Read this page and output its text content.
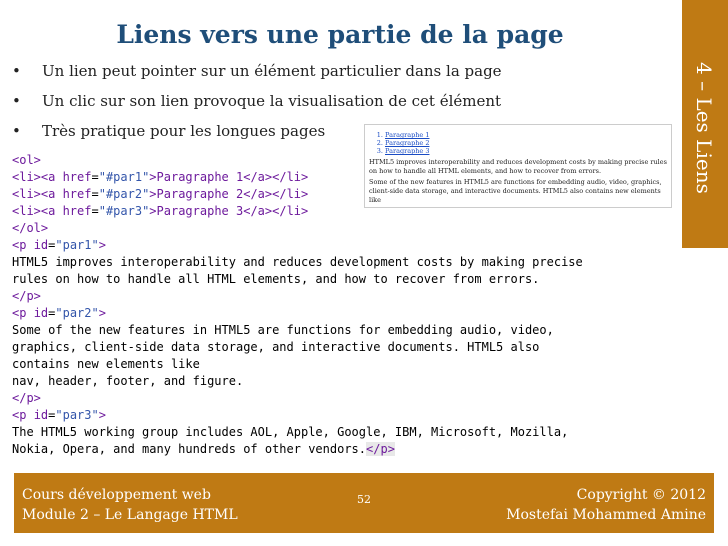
4 – Les Liens
Liens vers une partie de la page
•	Un lien peut pointer sur un élément particulier dans la page
•	Un clic sur son lien provoque la visualisation de cet élément
•	Très pratique pour les longues pages	1. Paragraphe 1
2. Paragraphe 2
3. Paragraphe 3

HTML5 improves interoperability and reduces development costs by making precise rules on how to handle all HTML elements, and how to recover from errors.

Some of the new features in HTML5 are functions for embedding audio, video, graphics, client-side data storage, and interactive documents. HTML5 also contains new elements like

<ol>
<li><a href="#par1">Paragraphe 1</a></li>
<li><a href="#par2">Paragraphe 2</a></li>
<li><a href="#par3">Paragraphe 3</a></li>
</ol>
<p id="par1">
HTML5 improves interoperability and reduces development costs by making precise
rules on how to handle all HTML elements, and how to recover from errors.
</p>
<p id="par2">
Some of the new features in HTML5 are functions for embedding audio, video,
graphics, client-side data storage, and interactive documents. HTML5 also
contains new elements like
nav, header, footer, and figure.
</p>
<p id="par3">
The HTML5 working group includes AOL, Apple, Google, IBM, Microsoft, Mozilla,
Nokia, Opera, and many hundreds of other vendors.</p>
Cours développement web
Module 2 – Le Langage HTML
52	Copyright © 2012
Mostefai Mohammed Amine
